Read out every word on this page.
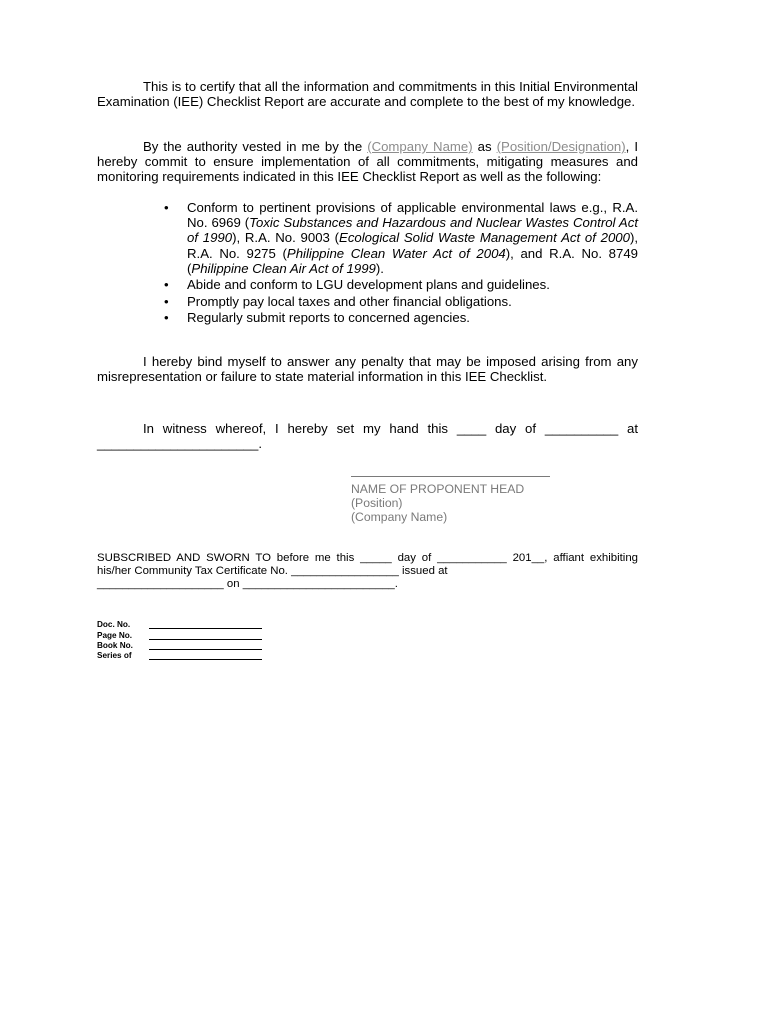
This is to certify that all the information and commitments in this Initial Environmental Examination (IEE) Checklist Report are accurate and complete to the best of my knowledge.

By the authority vested in me by the (Company Name) as (Position/Designation), I hereby commit to ensure implementation of all commitments, mitigating measures and monitoring requirements indicated in this IEE Checklist Report as well as the following:

• Conform to pertinent provisions of applicable environmental laws e.g., R.A. No. 6969 (Toxic Substances and Hazardous and Nuclear Wastes Control Act of 1990), R.A. No. 9003 (Ecological Solid Waste Management Act of 2000), R.A. No. 9275 (Philippine Clean Water Act of 2004), and R.A. No. 8749 (Philippine Clean Air Act of 1999).
• Abide and conform to LGU development plans and guidelines.
• Promptly pay local taxes and other financial obligations.
• Regularly submit reports to concerned agencies.

I hereby bind myself to answer any penalty that may be imposed arising from any misrepresentation or failure to state material information in this IEE Checklist.

In witness whereof, I hereby set my hand this ____ day of __________ at
______________________.
NAME OF PROPONENT HEAD
(Position)
(Company Name)
SUBSCRIBED AND SWORN TO before me this _____ day of ___________ 201__, affiant exhibiting his/her Community Tax Certificate No. _________________ issued at
____________________ on ________________________.
Doc. No.
Page No.
Book No.
Series of
